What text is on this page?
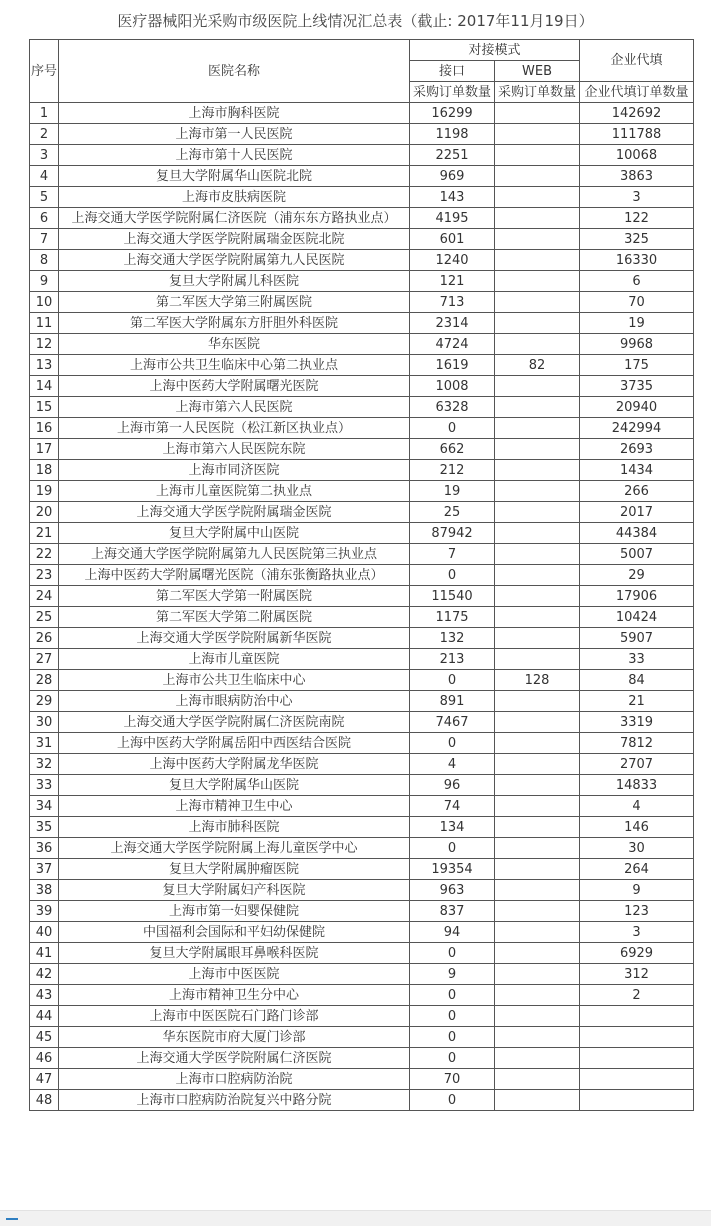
医疗器械阳光采购市级医院上线情况汇总表（截止: 2017年11月19日）
序号	医院名称	对接模式		企业代填
		接口	WEB	
		采购订单数量	采购订单数量	企业代填订单数量
1	上海市胸科医院	16299		142692
2	上海市第一人民医院	1198		111788
3	上海市第十人民医院	2251		10068
4	复旦大学附属华山医院北院	969		3863
5	上海市皮肤病医院	143		3
6	上海交通大学医学院附属仁济医院（浦东东方路执业点）	4195		122
7	上海交通大学医学院附属瑞金医院北院	601		325
8	上海交通大学医学院附属第九人民医院	1240		16330
9	复旦大学附属儿科医院	121		6
10	第二军医大学第三附属医院	713		70
11	第二军医大学附属东方肝胆外科医院	2314		19
12	华东医院	4724		9968
13	上海市公共卫生临床中心第二执业点	1619	82	175
14	上海中医药大学附属曙光医院	1008		3735
15	上海市第六人民医院	6328		20940
16	上海市第一人民医院（松江新区执业点）	0		242994
17	上海市第六人民医院东院	662		2693
18	上海市同济医院	212		1434
19	上海市儿童医院第二执业点	19		266
20	上海交通大学医学院附属瑞金医院	25		2017
21	复旦大学附属中山医院	87942		44384
22	上海交通大学医学院附属第九人民医院第三执业点	7		5007
23	上海中医药大学附属曙光医院（浦东张衡路执业点）	0		29
24	第二军医大学第一附属医院	11540		17906
25	第二军医大学第二附属医院	1175		10424
26	上海交通大学医学院附属新华医院	132		5907
27	上海市儿童医院	213		33
28	上海市公共卫生临床中心	0	128	84
29	上海市眼病防治中心	891		21
30	上海交通大学医学院附属仁济医院南院	7467		3319
31	上海中医药大学附属岳阳中西医结合医院	0		7812
32	上海中医药大学附属龙华医院	4		2707
33	复旦大学附属华山医院	96		14833
34	上海市精神卫生中心	74		4
35	上海市肺科医院	134		146
36	上海交通大学医学院附属上海儿童医学中心	0		30
37	复旦大学附属肿瘤医院	19354		264
38	复旦大学附属妇产科医院	963		9
39	上海市第一妇婴保健院	837		123
40	中国福利会国际和平妇幼保健院	94		3
41	复旦大学附属眼耳鼻喉科医院	0		6929
42	上海市中医医院	9		312
43	上海市精神卫生分中心	0		2
44	上海市中医医院石门路门诊部	0		
45	华东医院市府大厦门诊部	0		
46	上海交通大学医学院附属仁济医院	0		
47	上海市口腔病防治院	70		
48	上海市口腔病防治院复兴中路分院	0		
